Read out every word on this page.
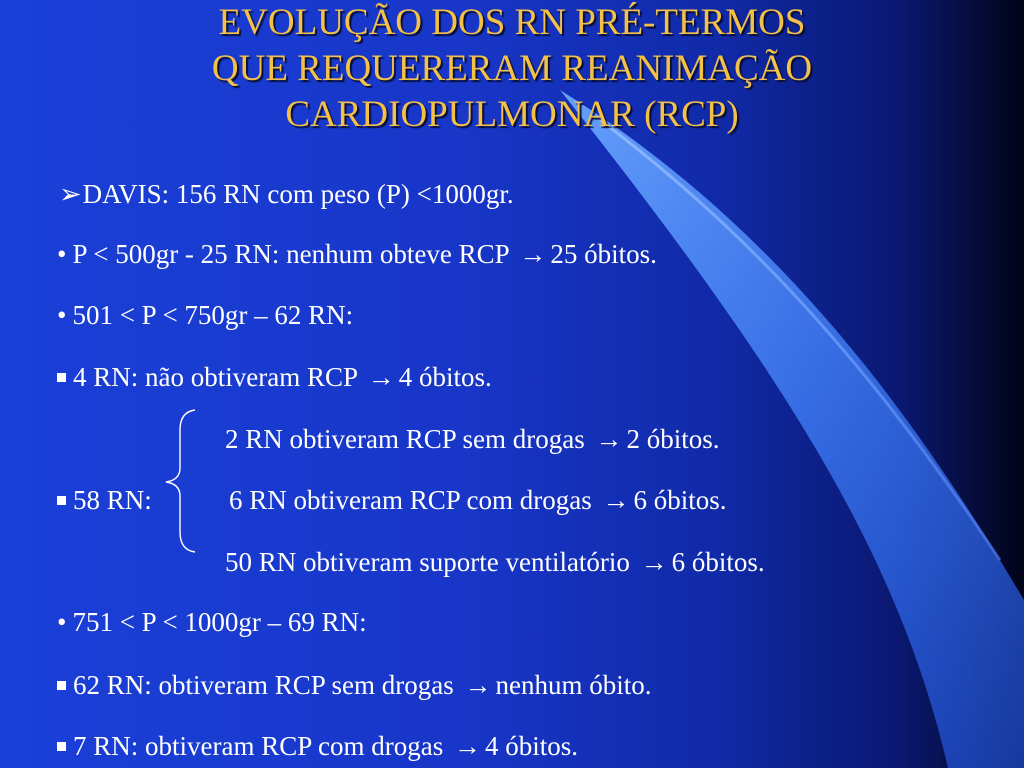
EVOLUÇÃO DOS RN PRÉ-TERMOS
QUE REQUERERAM REANIMAÇÃO
CARDIOPULMONAR (RCP)
➢DAVIS: 156 RN com peso (P) <1000gr.
• P < 500gr - 25 RN: nenhum obteve RCP → 25 óbitos.
• 501 < P < 750gr – 62 RN:
4 RN: não obtiveram RCP → 4 óbitos.
2 RN obtiveram RCP sem drogas → 2 óbitos.
58 RN:	6 RN obtiveram RCP com drogas → 6 óbitos.
50 RN obtiveram suporte ventilatório → 6 óbitos.
• 751 < P < 1000gr – 69 RN:
62 RN: obtiveram RCP sem drogas → nenhum óbito.
7 RN: obtiveram RCP com drogas → 4 óbitos.
